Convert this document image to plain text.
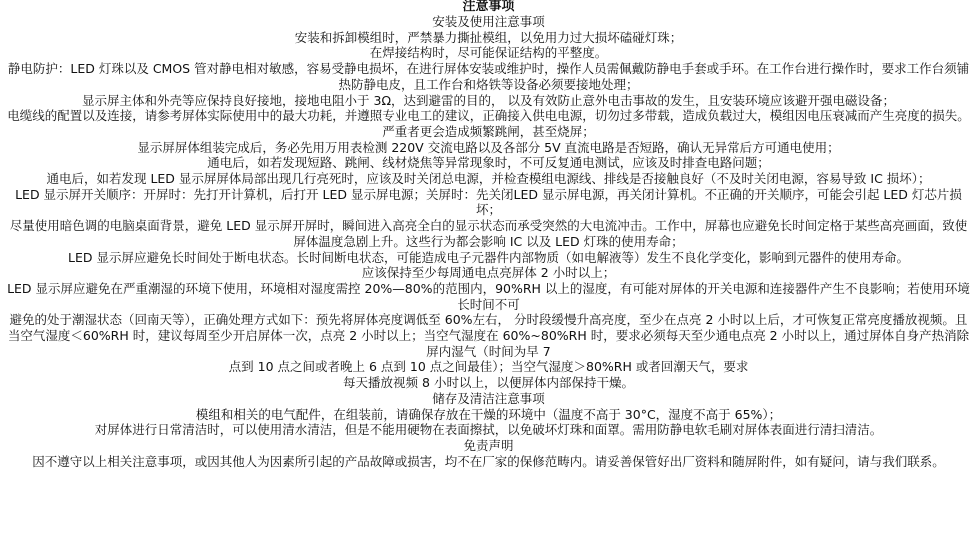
注意事项
安装及使用注意事项
安装和拆卸模组时，严禁暴力撕扯模组，以免用力过大损坏磕碰灯珠；
在焊接结构时，尽可能保证结构的平整度。
静电防护：LED 灯珠以及 CMOS 管对静电相对敏感，容易受静电损坏，在进行屏体安装或维护时，操作人员需佩戴防静电手套或手环。在工作台进行操作时，要求工作台须铺热防静电皮，且工作台和烙铁等设备必须要接地处理；
显示屏主体和外壳等应保持良好接地，接地电阻小于 3Ω，达到避雷的目的， 以及有效防止意外电击事故的发生，且安装环境应该避开强电磁设备；
电缆线的配置以及连接，请参考屏体实际使用中的最大功耗，并遵照专业电工的建议，正确接入供电电源，切勿过多带载，造成负载过大，模组因电压衰减而产生亮度的损失。严重者更会造成频繁跳闸，甚至烧屏；
显示屏屏体组装完成后，务必先用万用表检测 220V 交流电路以及各部分 5V 直流电路是否短路，确认无异常后方可通电使用；
通电后，如若发现短路、跳闸、线材烧焦等异常现象时，不可反复通电测试，应该及时排查电路问题；
通电后，如若发现 LED 显示屏屏体局部出现几行亮死时，应该及时关闭总电源，并检查模组电源线、排线是否接触良好（不及时关闭电源，容易导致 IC 损坏）；
LED 显示屏开关顺序：开屏时：先打开计算机，后打开 LED 显示屏电源；关屏时：先关闭LED 显示屏电源，再关闭计算机。不正确的开关顺序，可能会引起 LED 灯芯片损坏；
尽量使用暗色调的电脑桌面背景，避免 LED 显示屏开屏时，瞬间进入高亮全白的显示状态而承受突然的大电流冲击。工作中，屏幕也应避免长时间定格于某些高亮画面，致使屏体温度急剧上升。这些行为都会影响 IC 以及 LED 灯珠的使用寿命；
LED 显示屏应避免长时间处于断电状态。长时间断电状态，可能造成电子元器件内部物质（如电解液等）发生不良化学变化，影响到元器件的使用寿命。
应该保持至少每周通电点亮屏体 2 小时以上；
LED 显示屏应避免在严重潮湿的环境下使用，环境相对湿度需控 20%—80%的范围内，90%RH 以上的湿度，有可能对屏体的开关电源和连接器件产生不良影响；若使用环境长时间不可
避免的处于潮湿状态（回南天等），正确处理方式如下：预先将屏体亮度调低至 60%左右， 分时段缓慢升高亮度，至少在点亮 2 小时以上后，才可恢复正常亮度播放视频。且当空气湿度＜60%RH 时，建议每周至少开启屏体一次，点亮 2 小时以上；当空气湿度在 60%~80%RH 时，要求必须每天至少通电点亮 2 小时以上，通过屏体自身产热消除屏内湿气（时间为早 7
点到 10 点之间或者晚上 6 点到 10 点之间最佳）；当空气湿度＞80%RH 或者回潮天气，要求
每天播放视频 8 小时以上，以便屏体内部保持干燥。
储存及清洁注意事项
模组和相关的电气配件，在组装前，请确保存放在干燥的环境中（温度不高于 30°C，湿度不高于 65%）；
对屏体进行日常清洁时，可以使用清水清洁，但是不能用硬物在表面擦拭，以免破坏灯珠和面罩。需用防静电软毛刷对屏体表面进行清扫清洁。
免责声明
因不遵守以上相关注意事项，或因其他人为因素所引起的产品故障或损害，均不在厂家的保修范畴内。请妥善保管好出厂资料和随屏附件，如有疑问，请与我们联系。
